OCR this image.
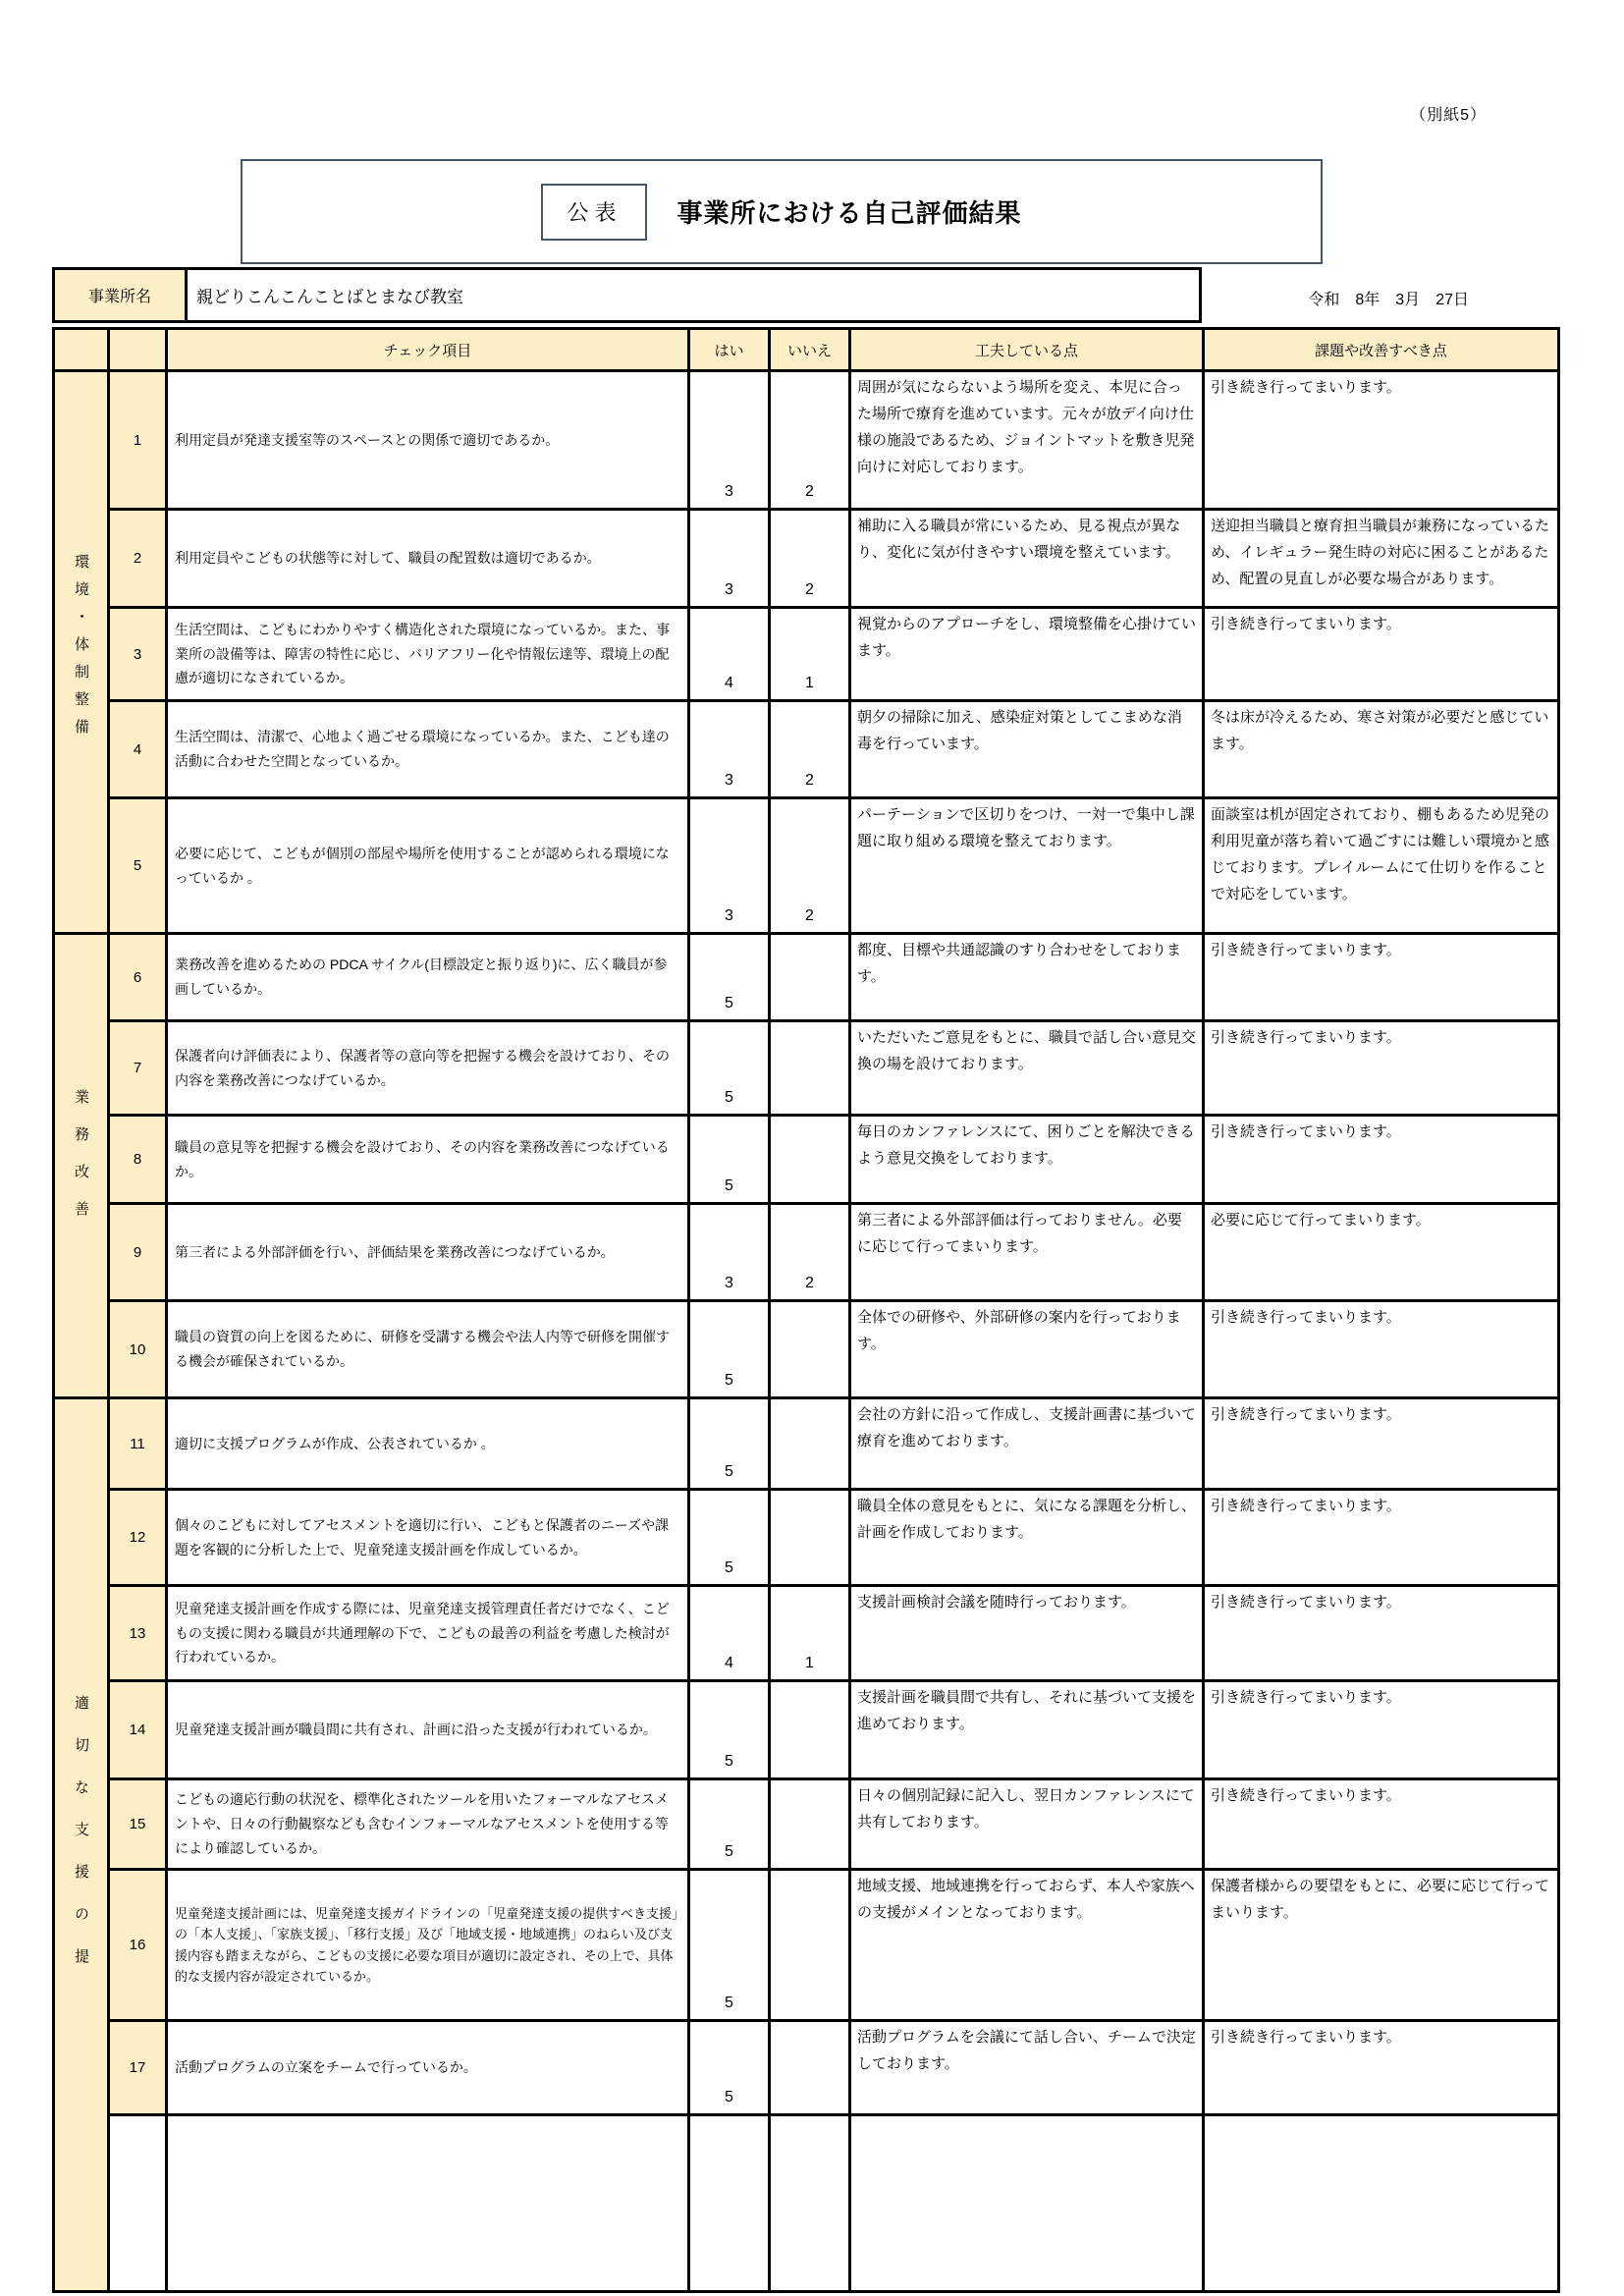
（別紙5）
公表	事業所における自己評価結果
事業所名	親どりこんこんことばとまなび教室	令和　8年　3月　27日
		チェック項目	はい	いいえ	工夫している点	課題や改善すべき点
環境・体制整備	1	利用定員が発達支援室等のスペースとの関係で適切であるか。	3	2	周囲が気にならないよう場所を変え、本児に合った場所で療育を進めています。元々が放デイ向け仕様の施設であるため、ジョイントマットを敷き児発向けに対応しております。	引き続き行ってまいります。
	2	利用定員やこどもの状態等に対して、職員の配置数は適切であるか。	3	2	補助に入る職員が常にいるため、見る視点が異なり、変化に気が付きやすい環境を整えています。	送迎担当職員と療育担当職員が兼務になっているため、イレギュラー発生時の対応に困ることがあるため、配置の見直しが必要な場合があります。
	3	生活空間は、こどもにわかりやすく構造化された環境になっているか。また、事業所の設備等は、障害の特性に応じ、バリアフリー化や情報伝達等、環境上の配慮が適切になされているか。	4	1	視覚からのアプローチをし、環境整備を心掛けています。	引き続き行ってまいります。
	4	生活空間は、清潔で、心地よく過ごせる環境になっているか。また、こども達の活動に合わせた空間となっているか。	3	2	朝夕の掃除に加え、感染症対策としてこまめな消毒を行っています。	冬は床が冷えるため、寒さ対策が必要だと感じています。
	5	必要に応じて、こどもが個別の部屋や場所を使用することが認められる環境になっているか 。	3	2	パーテーションで区切りをつけ、一対一で集中し課題に取り組める環境を整えております。	面談室は机が固定されており、棚もあるため児発の利用児童が落ち着いて過ごすには難しい環境かと感じております。プレイルームにて仕切りを作ることで対応をしています。
業務改善	6	業務改善を進めるための PDCA サイクル(目標設定と振り返り)に、広く職員が参画しているか。	5		都度、目標や共通認識のすり合わせをしております。	引き続き行ってまいります。
	7	保護者向け評価表により、保護者等の意向等を把握する機会を設けており、その内容を業務改善につなげているか。	5		いただいたご意見をもとに、職員で話し合い意見交換の場を設けております。	引き続き行ってまいります。
	8	職員の意見等を把握する機会を設けており、その内容を業務改善につなげているか。	5		毎日のカンファレンスにて、困りごとを解決できるよう意見交換をしております。	引き続き行ってまいります。
	9	第三者による外部評価を行い、評価結果を業務改善につなげているか。	3	2	第三者による外部評価は行っておりません。必要に応じて行ってまいります。	必要に応じて行ってまいります。
	10	職員の資質の向上を図るために、研修を受講する機会や法人内等で研修を開催する機会が確保されているか。	5		全体での研修や、外部研修の案内を行っております。	引き続き行ってまいります。
適切な支援の提	11	適切に支援プログラムが作成、公表されているか 。	5		会社の方針に沿って作成し、支援計画書に基づいて療育を進めております。	引き続き行ってまいります。
	12	個々のこどもに対してアセスメントを適切に行い、こどもと保護者のニーズや課題を客観的に分析した上で、児童発達支援計画を作成しているか。	5		職員全体の意見をもとに、気になる課題を分析し、計画を作成しております。	引き続き行ってまいります。
	13	児童発達支援計画を作成する際には、児童発達支援管理責任者だけでなく、こどもの支援に関わる職員が共通理解の下で、こどもの最善の利益を考慮した検討が行われているか。	4	1	支援計画検討会議を随時行っております。	引き続き行ってまいります。
	14	児童発達支援計画が職員間に共有され、計画に沿った支援が行われているか。	5		支援計画を職員間で共有し、それに基づいて支援を進めております。	引き続き行ってまいります。
	15	こどもの適応行動の状況を、標準化されたツールを用いたフォーマルなアセスメントや、日々の行動観察なども含むインフォーマルなアセスメントを使用する等により確認しているか。	5		日々の個別記録に記入し、翌日カンファレンスにて共有しております。	引き続き行ってまいります。
	16	児童発達支援計画には、児童発達支援ガイドラインの「児童発達支援の提供すべき支援」の「本人支援」、「家族支援」、「移行支援」及び「地域支援・地域連携」のねらい及び支援内容も踏まえながら、こどもの支援に必要な項目が適切に設定され、その上で、具体的な支援内容が設定されているか。	5		地域支援、地域連携を行っておらず、本人や家族への支援がメインとなっております。	保護者様からの要望をもとに、必要に応じて行ってまいります。
	17	活動プログラムの立案をチームで行っているか。	5		活動プログラムを会議にて話し合い、チームで決定しております。	引き続き行ってまいります。
